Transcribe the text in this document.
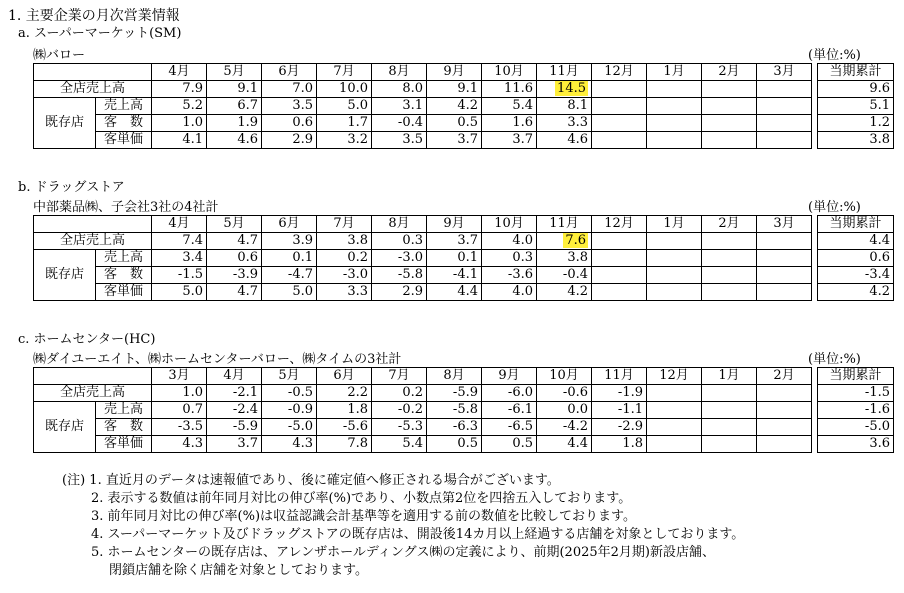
1. 主要企業の月次営業情報
a. スーパーマーケット(SM)
㈱バロー	(単位:%)
		4月	5月	6月	7月	8月	9月	10月	11月	12月	1月	2月	3月		当期累計
全店売上高		7.9	9.1	7.0	10.0	8.0	9.1	11.6	14.5						9.6
既存店	売上高	5.2	6.7	3.5	5.0	3.1	4.2	5.4	8.1						5.1
	客　数	1.0	1.9	0.6	1.7	-0.4	0.5	1.6	3.3						1.2
	客単価	4.1	4.6	2.9	3.2	3.5	3.7	3.7	4.6						3.8
b. ドラッグストア
中部薬品㈱、子会社3社の4社計	(単位:%)
		4月	5月	6月	7月	8月	9月	10月	11月	12月	1月	2月	3月		当期累計
全店売上高		7.4	4.7	3.9	3.8	0.3	3.7	4.0	7.6						4.4
既存店	売上高	3.4	0.6	0.1	0.2	-3.0	0.1	0.3	3.8						0.6
	客　数	-1.5	-3.9	-4.7	-3.0	-5.8	-4.1	-3.6	-0.4						-3.4
	客単価	5.0	4.7	5.0	3.3	2.9	4.4	4.0	4.2						4.2
c. ホームセンター(HC)
㈱ダイユーエイト、㈱ホームセンターバロー、㈱タイムの3社計	(単位:%)
		3月	4月	5月	6月	7月	8月	9月	10月	11月	12月	1月	2月		当期累計
全店売上高		1.0	-2.1	-0.5	2.2	0.2	-5.9	-6.0	-0.6	-1.9					-1.5
既存店	売上高	0.7	-2.4	-0.9	1.8	-0.2	-5.8	-6.1	0.0	-1.1					-1.6
	客　数	-3.5	-5.9	-5.0	-5.6	-5.3	-6.3	-6.5	-4.2	-2.9					-5.0
	客単価	4.3	3.7	4.3	7.8	5.4	0.5	0.5	4.4	1.8					3.6
(注) 1. 直近月のデータは速報値であり、後に確定値へ修正される場合がございます。
2. 表示する数値は前年同月対比の伸び率(%)であり、小数点第2位を四捨五入しております。
3. 前年同月対比の伸び率(%)は収益認識会計基準等を適用する前の数値を比較しております。
4. スーパーマーケット及びドラッグストアの既存店は、開設後14カ月以上経過する店舗を対象としております。
5. ホームセンターの既存店は、アレンザホールディングス㈱の定義により、前期(2025年2月期)新設店舗、
閉鎖店舗を除く店舗を対象としております。
